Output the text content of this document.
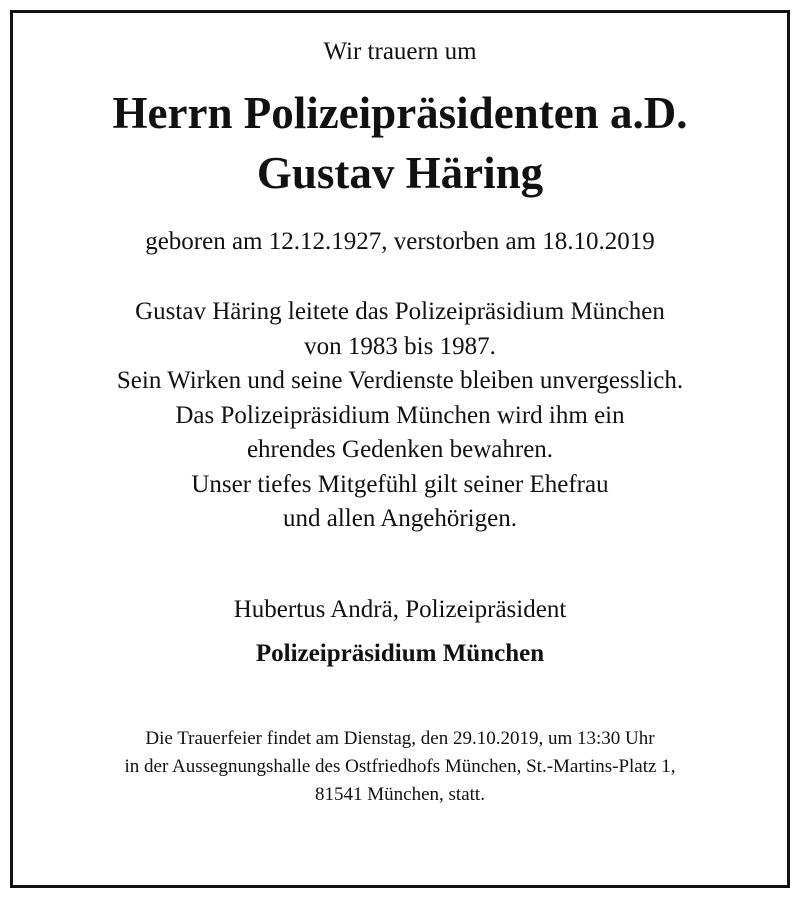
Wir trauern um
Herrn Polizeipräsidenten a.D.
Gustav Häring
geboren am 12.12.1927, verstorben am 18.10.2019
Gustav Häring leitete das Polizeipräsidium München
von 1983 bis 1987.
Sein Wirken und seine Verdienste bleiben unvergesslich.
Das Polizeipräsidium München wird ihm ein
ehrendes Gedenken bewahren.
Unser tiefes Mitgefühl gilt seiner Ehefrau
und allen Angehörigen.
Hubertus Andrä, Polizeipräsident
Polizeipräsidium München
Die Trauerfeier findet am Dienstag, den 29.10.2019, um 13:30 Uhr
in der Aussegnungshalle des Ostfriedhofs München, St.-Martins-Platz 1,
81541 München, statt.
